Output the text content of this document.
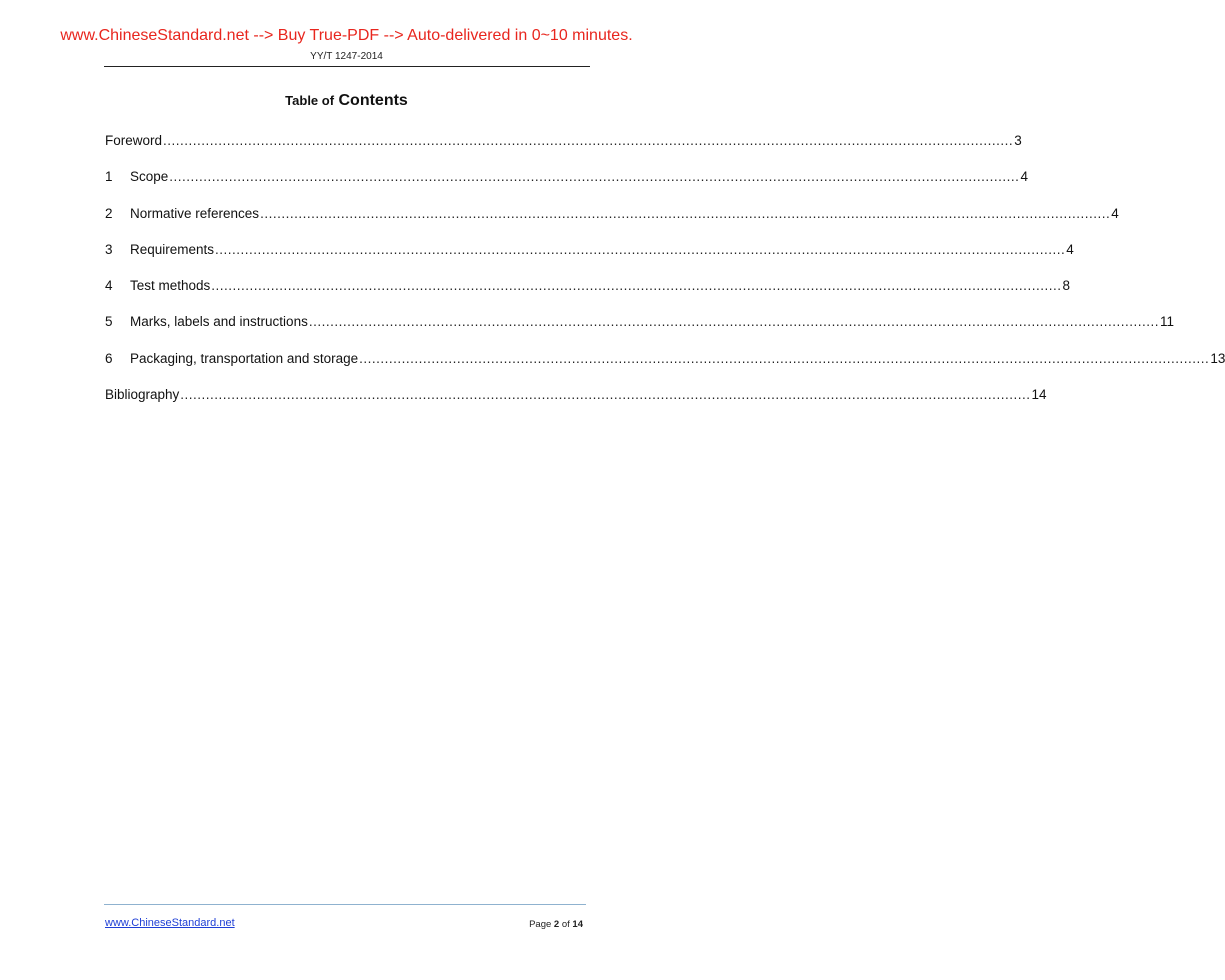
www.ChineseStandard.net --> Buy True-PDF --> Auto-delivered in 0~10 minutes.
YY/T 1247-2014
Table of Contents
Foreword ........................................................................................................................................................................................................ 3
1	Scope ........................................................................................................................................................................................................ 4
2	Normative references ........................................................................................................................................................................................................ 4
3	Requirements ........................................................................................................................................................................................................ 4
4	Test methods ........................................................................................................................................................................................................ 8
5	Marks, labels and instructions ........................................................................................................................................................................................................ 11
6	Packaging, transportation and storage ........................................................................................................................................................................................................ 13
Bibliography ........................................................................................................................................................................................................ 14
www.ChineseStandard.net	Page 2 of 14
